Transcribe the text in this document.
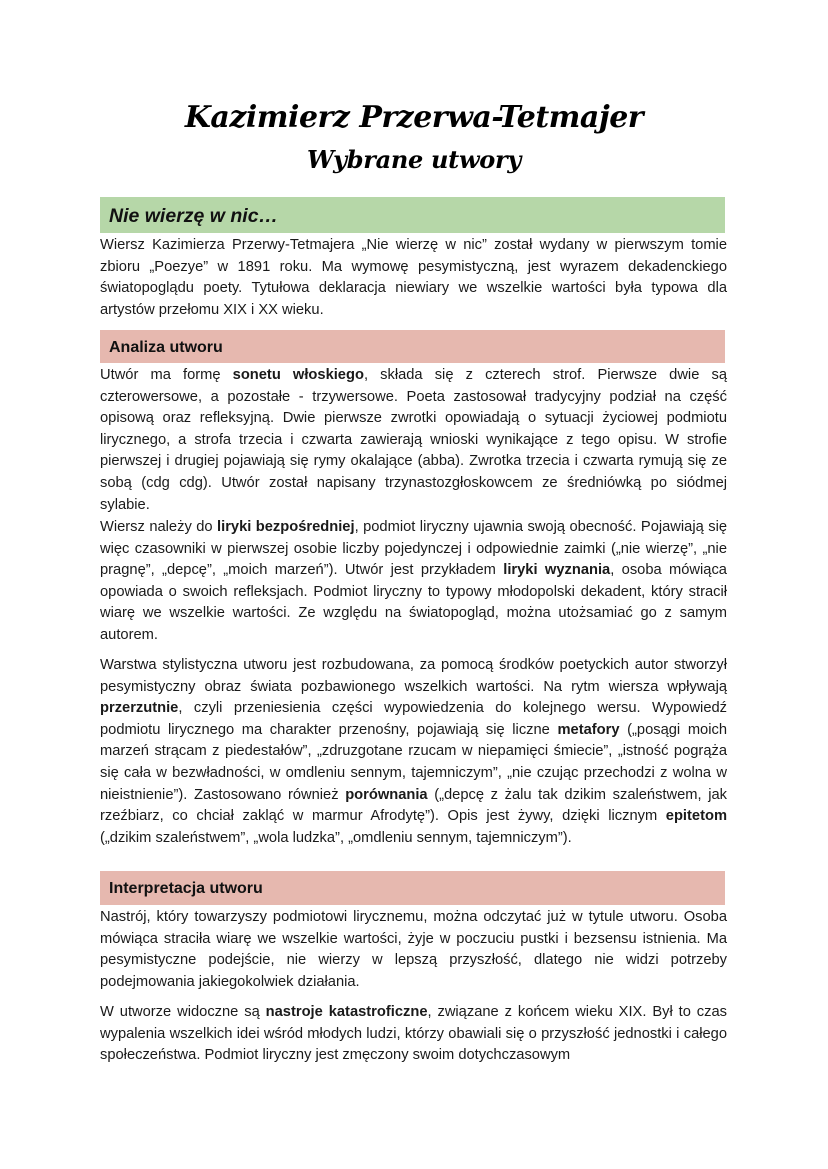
Kazimierz Przerwa-Tetmajer
Wybrane utwory
Nie wierzę w nic…

Wiersz Kazimierza Przerwy-Tetmajera „Nie wierzę w nic” został wydany w pierwszym tomie zbioru „Poezye” w 1891 roku. Ma wymowę pesymistyczną, jest wyrazem dekadenckiego światopoglądu poety. Tytułowa deklaracja niewiary we wszelkie wartości była typowa dla artystów przełomu XIX i XX wieku.

Analiza utworu

Utwór ma formę sonetu włoskiego, składa się z czterech strof. Pierwsze dwie są czterowersowe, a pozostałe - trzywersowe. Poeta zastosował tradycyjny podział na część opisową oraz refleksyjną. Dwie pierwsze zwrotki opowiadają o sytuacji życiowej podmiotu lirycznego, a strofa trzecia i czwarta zawierają wnioski wynikające z tego opisu. W strofie pierwszej i drugiej pojawiają się rymy okalające (abba). Zwrotka trzecia i czwarta rymują się ze sobą (cdg cdg). Utwór został napisany trzynastozgłoskowcem ze średniówką po siódmej sylabie.

Wiersz należy do liryki bezpośredniej, podmiot liryczny ujawnia swoją obecność. Pojawiają się więc czasowniki w pierwszej osobie liczby pojedynczej i odpowiednie zaimki („nie wierzę”, „nie pragnę”, „depcę”, „moich marzeń”). Utwór jest przykładem liryki wyznania, osoba mówiąca opowiada o swoich refleksjach. Podmiot liryczny to typowy młodopolski dekadent, który stracił wiarę we wszelkie wartości. Ze względu na światopogląd, można utożsamiać go z samym autorem.

Warstwa stylistyczna utworu jest rozbudowana, za pomocą środków poetyckich autor stworzył pesymistyczny obraz świata pozbawionego wszelkich wartości. Na rytm wiersza wpływają przerzutnie, czyli przeniesienia części wypowiedzenia do kolejnego wersu. Wypowiedź podmiotu lirycznego ma charakter przenośny, pojawiają się liczne metafory („posągi moich marzeń strącam z piedestałów”, „zdruzgotane rzucam w niepamięci śmiecie”, „istność pogrąża się cała w bezwładności, w omdleniu sennym, tajemniczym”, „nie czując przechodzi z wolna w nieistnienie”). Zastosowano również porównania („depcę z żalu tak dzikim szaleństwem, jak rzeźbiarz, co chciał zakląć w marmur Afrodytę”). Opis jest żywy, dzięki licznym epitetom („dzikim szaleństwem”, „wola ludzka”, „omdleniu sennym, tajemniczym”).

Interpretacja utworu

Nastrój, który towarzyszy podmiotowi lirycznemu, można odczytać już w tytule utworu. Osoba mówiąca straciła wiarę we wszelkie wartości, żyje w poczuciu pustki i bezsensu istnienia. Ma pesymistyczne podejście, nie wierzy w lepszą przyszłość, dlatego nie widzi potrzeby podejmowania jakiegokolwiek działania.

W utworze widoczne są nastroje katastroficzne, związane z końcem wieku XIX. Był to czas wypalenia wszelkich idei wśród młodych ludzi, którzy obawiali się o przyszłość jednostki i całego społeczeństwa. Podmiot liryczny jest zmęczony swoim dotychczasowym
